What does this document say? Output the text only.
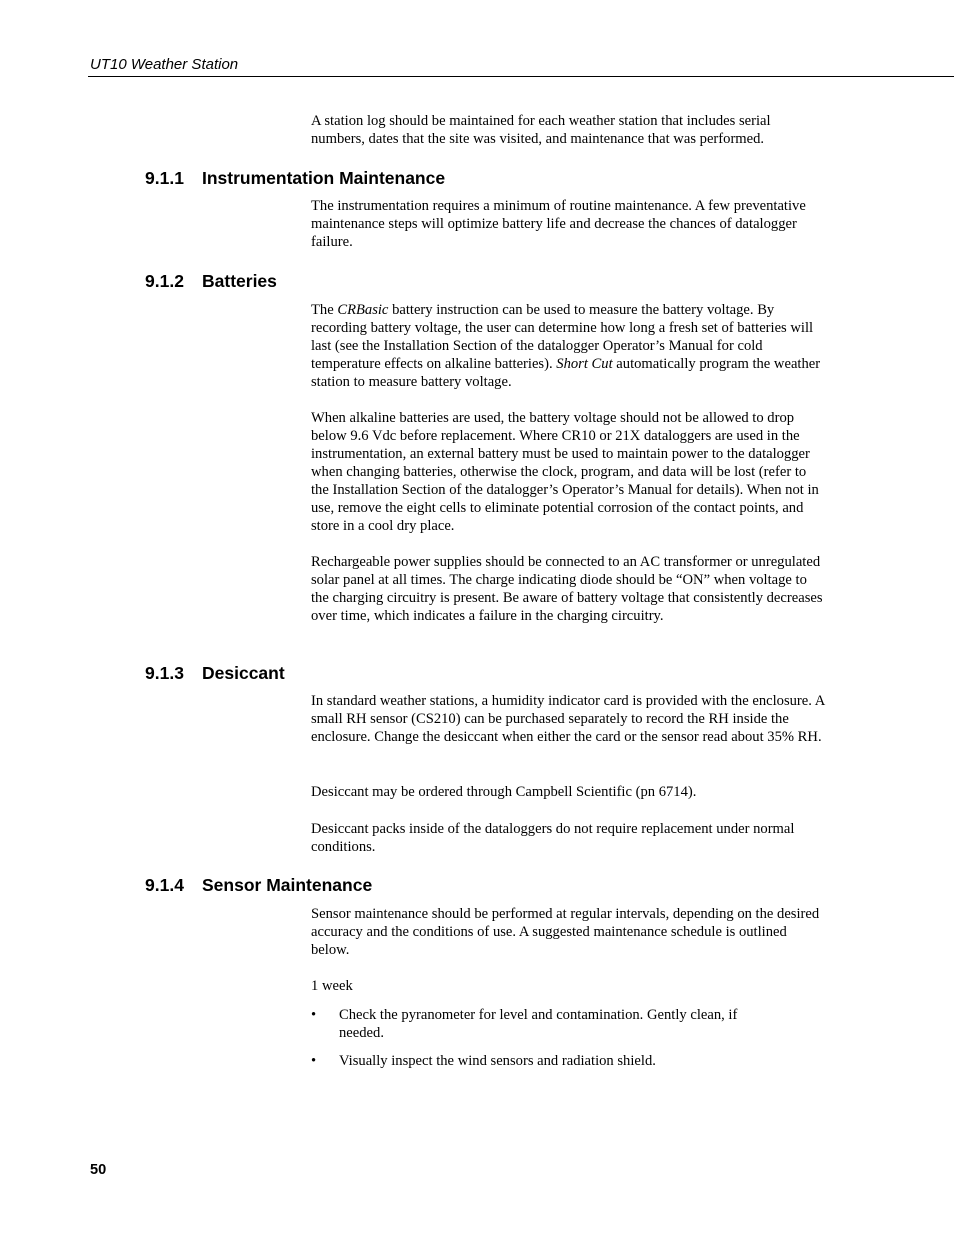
UT10 Weather Station

A station log should be maintained for each weather station that includes serial numbers, dates that the site was visited, and maintenance that was performed.

9.1.1 Instrumentation Maintenance

The instrumentation requires a minimum of routine maintenance. A few preventative maintenance steps will optimize battery life and decrease the chances of datalogger failure.

9.1.2 Batteries

The CRBasic battery instruction can be used to measure the battery voltage. By recording battery voltage, the user can determine how long a fresh set of batteries will last (see the Installation Section of the datalogger Operator’s Manual for cold temperature effects on alkaline batteries). Short Cut automatically program the weather station to measure battery voltage.

When alkaline batteries are used, the battery voltage should not be allowed to drop below 9.6 Vdc before replacement. Where CR10 or 21X dataloggers are used in the instrumentation, an external battery must be used to maintain power to the datalogger when changing batteries, otherwise the clock, program, and data will be lost (refer to the Installation Section of the datalogger’s Operator’s Manual for details). When not in use, remove the eight cells to eliminate potential corrosion of the contact points, and store in a cool dry place.

Rechargeable power supplies should be connected to an AC transformer or unregulated solar panel at all times. The charge indicating diode should be “ON” when voltage to the charging circuitry is present. Be aware of battery voltage that consistently decreases over time, which indicates a failure in the charging circuitry.

9.1.3 Desiccant

In standard weather stations, a humidity indicator card is provided with the enclosure. A small RH sensor (CS210) can be purchased separately to record the RH inside the enclosure. Change the desiccant when either the card or the sensor read about 35% RH.

Desiccant may be ordered through Campbell Scientific (pn 6714).

Desiccant packs inside of the dataloggers do not require replacement under normal conditions.

9.1.4 Sensor Maintenance

Sensor maintenance should be performed at regular intervals, depending on the desired accuracy and the conditions of use. A suggested maintenance schedule is outlined below.

1 week

•	Check the pyranometer for level and contamination. Gently clean, if needed.
•	Visually inspect the wind sensors and radiation shield.
50
